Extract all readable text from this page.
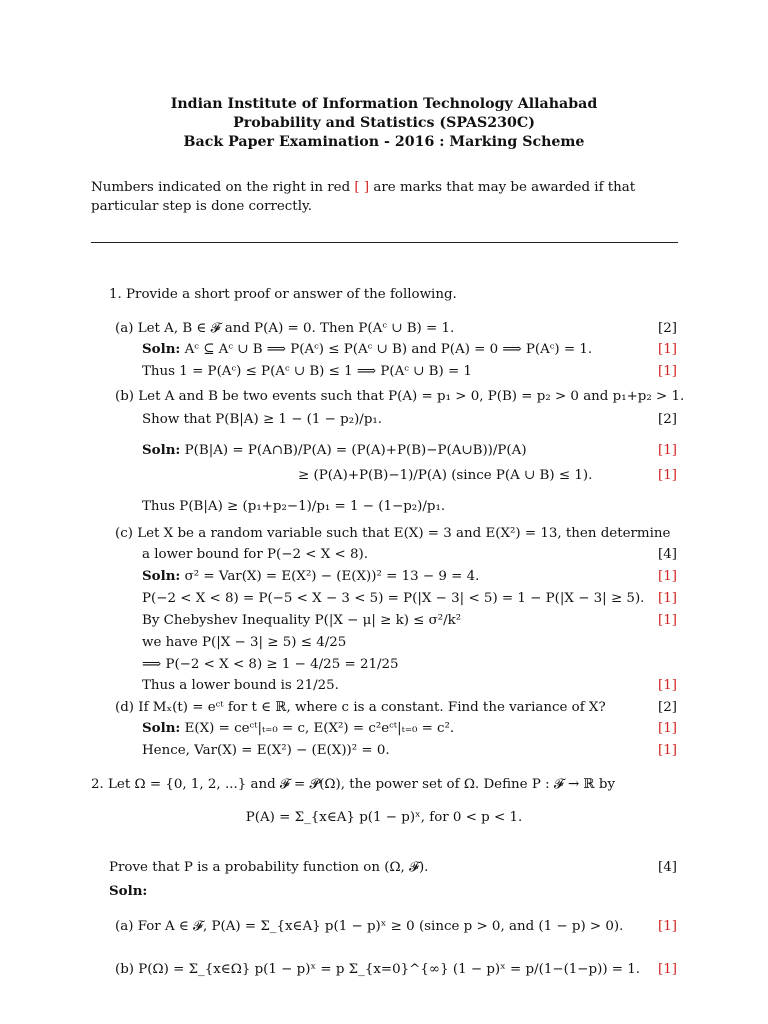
Indian Institute of Information Technology Allahabad
Probability and Statistics (SPAS230C)
Back Paper Examination - 2016 : Marking Scheme
Numbers indicated on the right in red [ ] are marks that may be awarded if that particular step is done correctly.
1. Provide a short proof or answer of the following.
(a) Let A, B ∈ 𝓕 and P(A) = 0. Then P(Aᶜ ∪ B) = 1.	[2]
Soln: Aᶜ ⊆ Aᶜ ∪ B ⟹ P(Aᶜ) ≤ P(Aᶜ ∪ B) and P(A) = 0 ⟹ P(Aᶜ) = 1.	[1]
Thus 1 = P(Aᶜ) ≤ P(Aᶜ ∪ B) ≤ 1 ⟹ P(Aᶜ ∪ B) = 1	[1]
(b) Let A and B be two events such that P(A) = p₁ > 0, P(B) = p₂ > 0 and p₁+p₂ > 1.
Show that P(B|A) ≥ 1 − (1 − p₂)/p₁.	[2]
Soln: P(B|A) = P(A∩B)/P(A) = (P(A)+P(B)−P(A∪B))/P(A)	[1]
≥ (P(A)+P(B)−1)/P(A) (since P(A ∪ B) ≤ 1).	[1]
Thus P(B|A) ≥ (p₁+p₂−1)/p₁ = 1 − (1−p₂)/p₁.
(c) Let X be a random variable such that E(X) = 3 and E(X²) = 13, then determine
a lower bound for P(−2 < X < 8).	[4]
Soln: σ² = Var(X) = E(X²) − (E(X))² = 13 − 9 = 4.	[1]
P(−2 < X < 8) = P(−5 < X − 3 < 5) = P(|X − 3| < 5) = 1 − P(|X − 3| ≥ 5). [1]
By Chebyshev Inequality P(|X − μ| ≥ k) ≤ σ²/k²	[1]
we have P(|X − 3| ≥ 5) ≤ 4/25
⟹ P(−2 < X < 8) ≥ 1 − 4/25 = 21/25
Thus a lower bound is 21/25.	[1]
(d) If Mₓ(t) = eᶜᵗ for t ∈ ℝ, where c is a constant. Find the variance of X?	[2]
Soln: E(X) = ceᶜᵗ|ₜ₌₀ = c, E(X²) = c²eᶜᵗ|ₜ₌₀ = c².	[1]
Hence, Var(X) = E(X²) − (E(X))² = 0.	[1]
2. Let Ω = {0, 1, 2, ...} and 𝓕 = 𝓟(Ω), the power set of Ω. Define P : 𝓕 → ℝ by
P(A) = Σ_{x∈A} p(1 − p)ˣ, for 0 < p < 1.
Prove that P is a probability function on (Ω, 𝓕).	[4]
Soln:
(a) For A ∈ 𝓕, P(A) = Σ_{x∈A} p(1 − p)ˣ ≥ 0 (since p > 0, and (1 − p) > 0).	[1]
(b) P(Ω) = Σ_{x∈Ω} p(1 − p)ˣ = p Σ_{x=0}^{∞} (1 − p)ˣ = p/(1−(1−p)) = 1. [1]
